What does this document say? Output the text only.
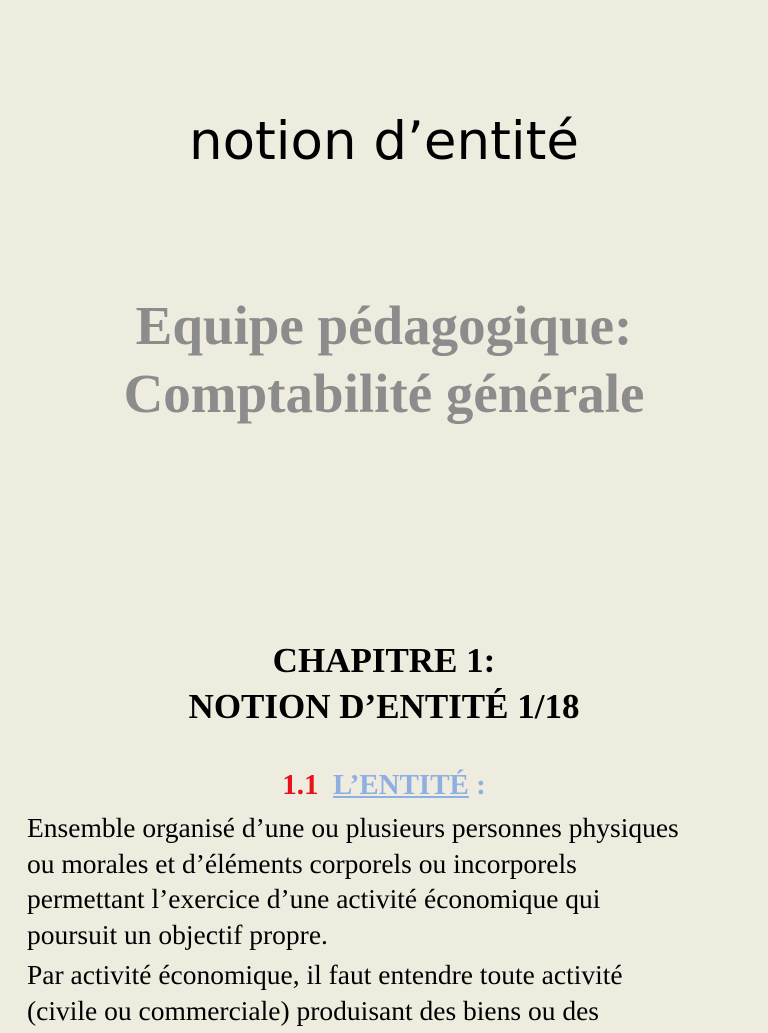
notion d’entité
Equipe pédagogique:
Comptabilité générale
CHAPITRE 1:
NOTION D’ENTITÉ 1/18
1.1 L’ENTITÉ :

Ensemble organisé d’une ou plusieurs personnes physiques
ou morales et d’éléments corporels ou incorporels
permettant l’exercice d’une activité économique qui
poursuit un objectif propre.

Par activité économique, il faut entendre toute activité
(civile ou commerciale) produisant des biens ou des
